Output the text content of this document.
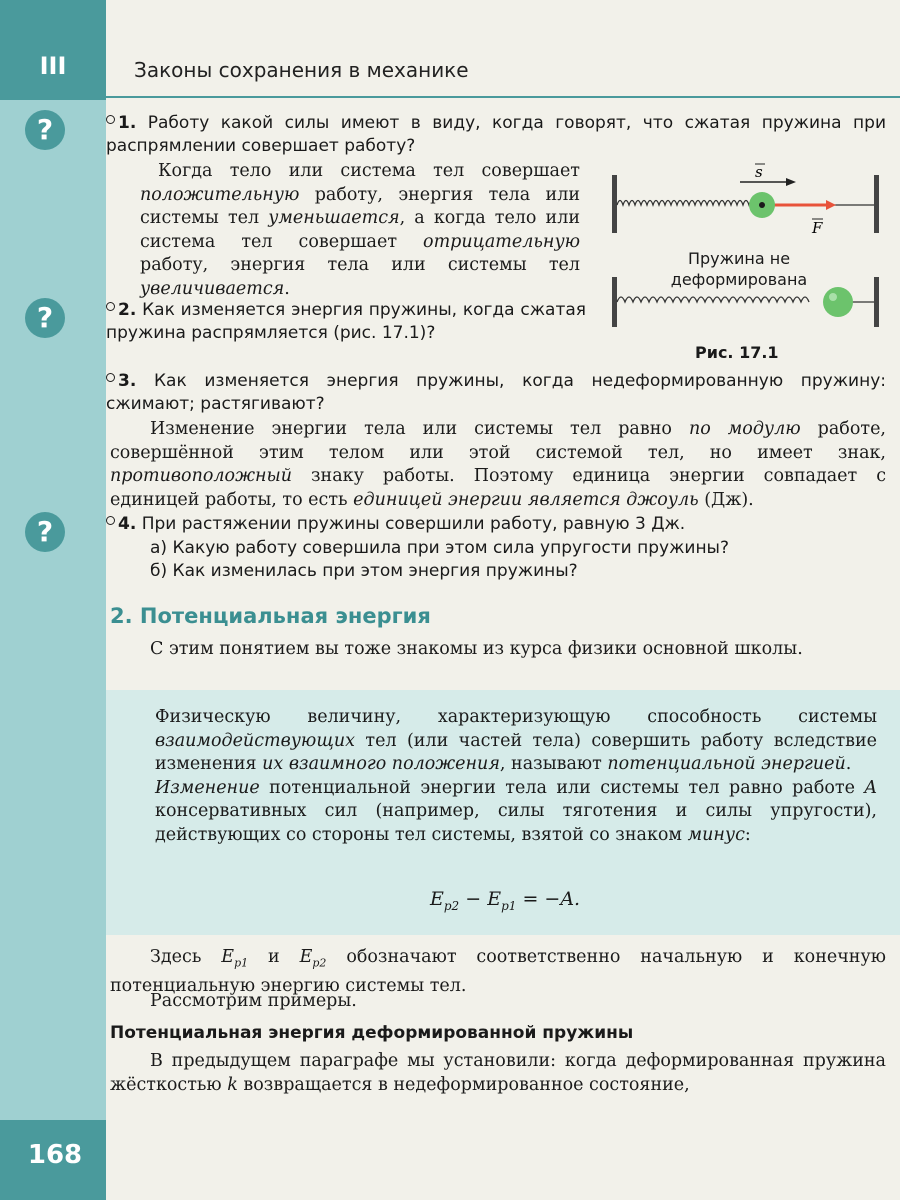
III
168
Законы сохранения в механике
?
?
?
1. Работу какой силы имеют в виду, когда говорят, что сжатая пружина при распрямлении совершает работу?
Когда тело или система тел совершает положительную работу, энергия тела или системы тел уменьшается, а когда тело или система тел совершает отрицательную работу, энергия тела или системы тел увеличивается.
s
F
Пружина не деформирована
Рис. 17.1
2. Как изменяется энергия пружины, когда сжатая пружина распрямляется (рис. 17.1)?
3. Как изменяется энергия пружины, когда недеформированную пружину: сжимают; растягивают?
Изменение энергии тела или системы тел равно по модулю работе, совершённой этим телом или этой системой тел, но имеет знак, противоположный знаку работы. Поэтому единица энергии совпадает с единицей работы, то есть единицей энергии является джоуль (Дж).
4. При растяжении пружины совершили работу, равную 3 Дж.
а) Какую работу совершила при этом сила упругости пружины?
б) Как изменилась при этом энергия пружины?
2. Потенциальная энергия
С этим понятием вы тоже знакомы из курса физики основной школы.
Физическую величину, характеризующую способность системы взаимодействующих тел (или частей тела) совершить работу вследствие изменения их взаимного положения, называют потенциальной энергией.
Изменение потенциальной энергии тела или системы тел равно работе A консервативных сил (например, силы тяготения и силы упругости), действующих со стороны тел системы, взятой со знаком минус:
$E_{p2} - E_{p1} = -A$.
Здесь $E_{p1}$ и $E_{p2}$ обозначают соответственно начальную и конечную потенциальную энергию системы тел.
Рассмотрим примеры.
Потенциальная энергия деформированной пружины
В предыдущем параграфе мы установили: когда деформированная пружина жёсткостью k возвращается в недеформированное состояние,
